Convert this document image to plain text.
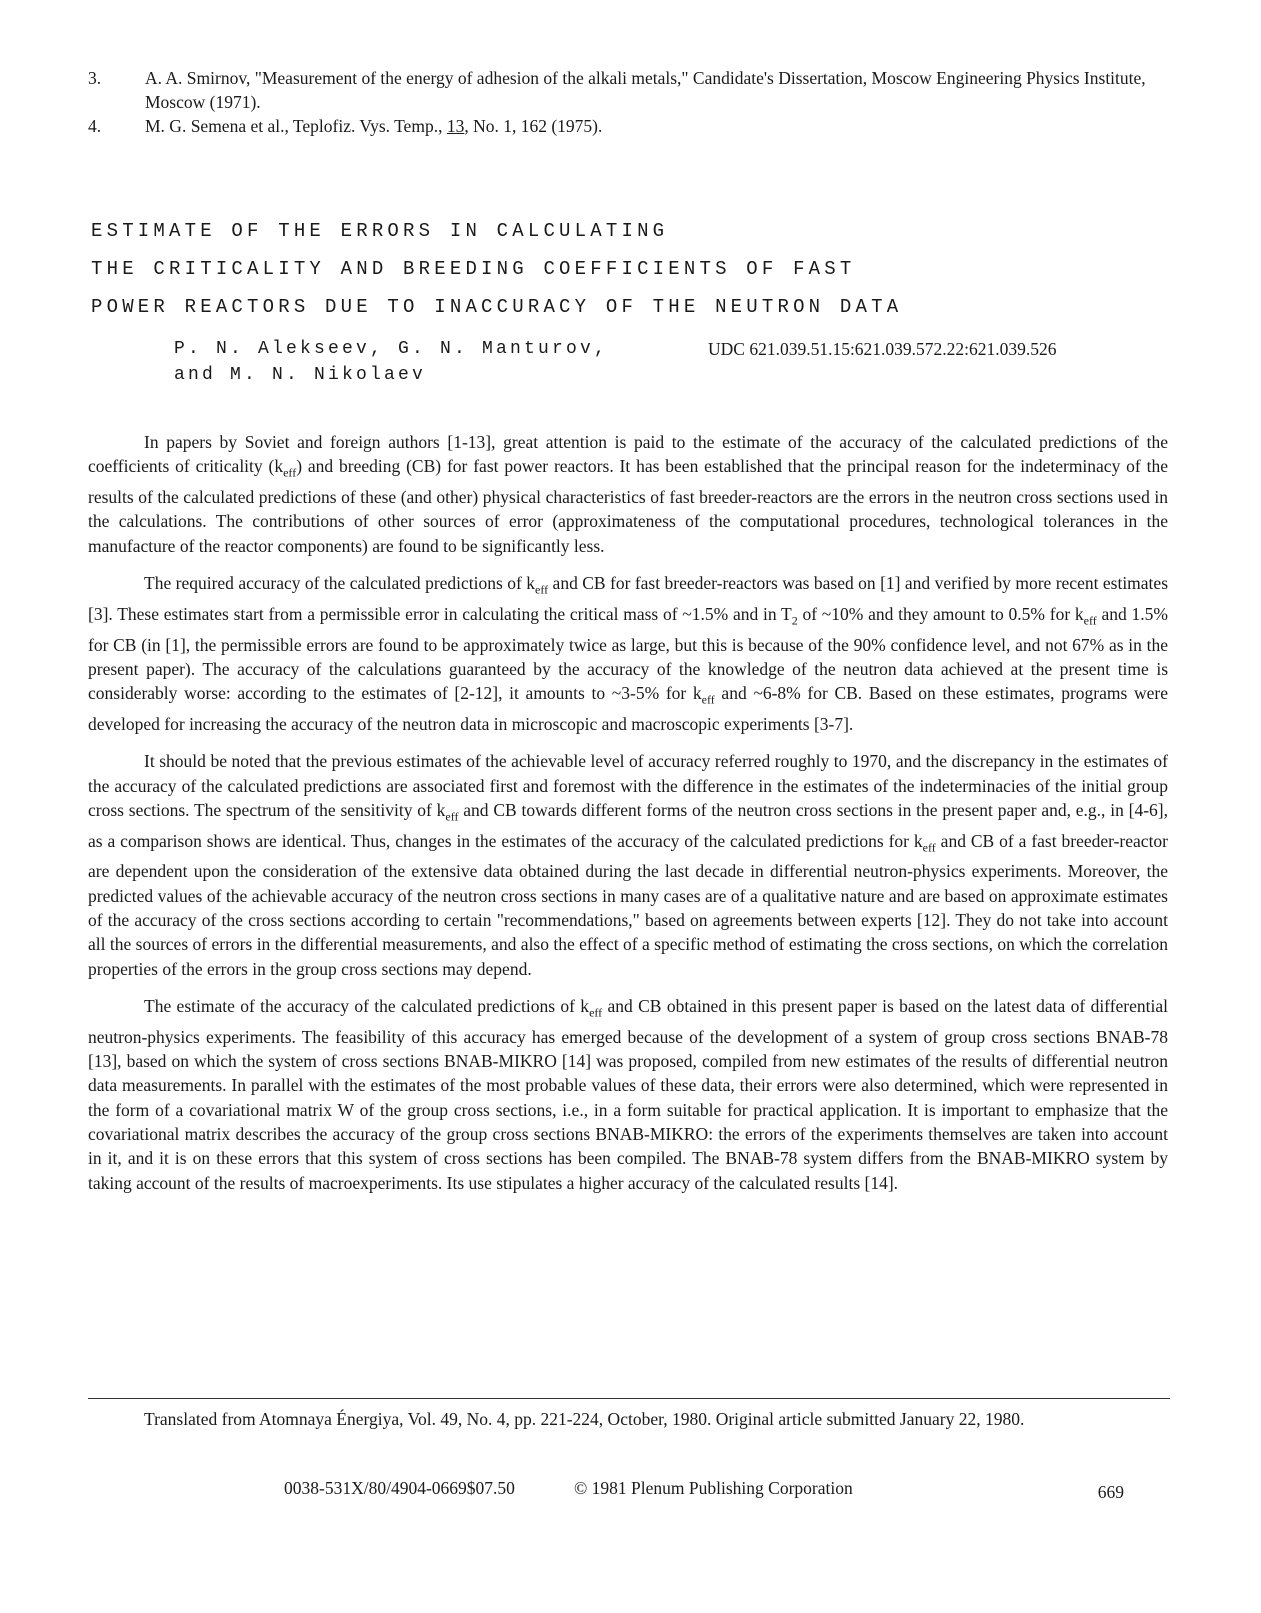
3.	A. A. Smirnov, "Measurement of the energy of adhesion of the alkali metals," Candidate's Dissertation, Moscow Engineering Physics Institute, Moscow (1971).
4.	M. G. Semena et al., Teplofiz. Vys. Temp., 13, No. 1, 162 (1975).
ESTIMATE OF THE ERRORS IN CALCULATING
THE CRITICALITY AND BREEDING COEFFICIENTS OF FAST
POWER REACTORS DUE TO INACCURACY OF THE NEUTRON DATA
P. N. Alekseev, G. N. Manturov,
and M. N. Nikolaev
UDC 621.039.51.15:621.039.572.22:621.039.526

In papers by Soviet and foreign authors [1-13], great attention is paid to the estimate of the accuracy of the calculated predictions of the coefficients of criticality $(k_{eff})$ and breeding (CB) for fast power reactors. It has been established that the principal reason for the indeterminacy of the results of the calculated predictions of these (and other) physical characteristics of fast breeder-reactors are the errors in the neutron cross sections used in the calculations. The contributions of other sources of error (approximateness of the computational procedures, technological tolerances in the manufacture of the reactor components) are found to be significantly less.

The required accuracy of the calculated predictions of $k_{eff}$ and CB for fast breeder-reactors was based on [1] and verified by more recent estimates [3]. These estimates start from a permissible error in calculating the critical mass of ~1.5% and in $T_2$ of ~10% and they amount to 0.5% for $k_{eff}$ and 1.5% for CB (in [1], the permissible errors are found to be approximately twice as large, but this is because of the 90% confidence level, and not 67% as in the present paper). The accuracy of the calculations guaranteed by the accuracy of the knowledge of the neutron data achieved at the present time is considerably worse: according to the estimates of [2-12], it amounts to ~3-5% for $k_{eff}$ and ~6-8% for CB. Based on these estimates, programs were developed for increasing the accuracy of the neutron data in microscopic and macroscopic experiments [3-7].

It should be noted that the previous estimates of the achievable level of accuracy referred roughly to 1970, and the discrepancy in the estimates of the accuracy of the calculated predictions are associated first and foremost with the difference in the estimates of the indeterminacies of the initial group cross sections. The spectrum of the sensitivity of $k_{eff}$ and CB towards different forms of the neutron cross sections in the present paper and, e.g., in [4-6], as a comparison shows are identical. Thus, changes in the estimates of the accuracy of the calculated predictions for $k_{eff}$ and CB of a fast breeder-reactor are dependent upon the consideration of the extensive data obtained during the last decade in differential neutron-physics experiments. Moreover, the predicted values of the achievable accuracy of the neutron cross sections in many cases are of a qualitative nature and are based on approximate estimates of the accuracy of the cross sections according to certain "recommendations," based on agreements between experts [12]. They do not take into account all the sources of errors in the differential measurements, and also the effect of a specific method of estimating the cross sections, on which the correlation properties of the errors in the group cross sections may depend.

The estimate of the accuracy of the calculated predictions of $k_{eff}$ and CB obtained in this present paper is based on the latest data of differential neutron-physics experiments. The feasibility of this accuracy has emerged because of the development of a system of group cross sections BNAB-78 [13], based on which the system of cross sections BNAB-MIKRO [14] was proposed, compiled from new estimates of the results of differential neutron data measurements. In parallel with the estimates of the most probable values of these data, their errors were also determined, which were represented in the form of a covariational matrix W of the group cross sections, i.e., in a form suitable for practical application. It is important to emphasize that the covariational matrix describes the accuracy of the group cross sections BNAB-MIKRO: the errors of the experiments themselves are taken into account in it, and it is on these errors that this system of cross sections has been compiled. The BNAB-78 system differs from the BNAB-MIKRO system by taking account of the results of macroexperiments. Its use stipulates a higher accuracy of the calculated results [14].

Translated from Atomnaya Énergiya, Vol. 49, No. 4, pp. 221-224, October, 1980. Original article submitted January 22, 1980.
0038-531X/80/4904-0669$07.50	© 1981 Plenum Publishing Corporation	669
